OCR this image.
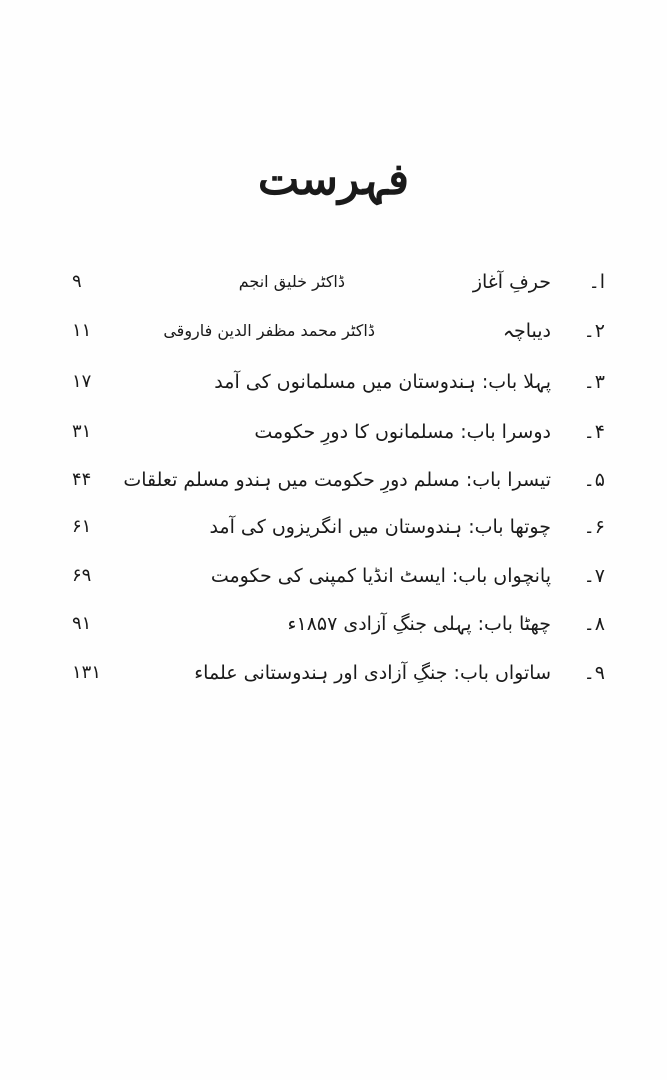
فہرست
ا۔
حرفِ آغاز
ڈاکٹر خلیق انجم
۹
۲۔
دیباچہ
ڈاکٹر محمد مظفر الدین فاروقی
۱۱
۳۔
پہلا باب: ہندوستان میں مسلمانوں کی آمد
۱۷
۴۔
دوسرا باب: مسلمانوں کا دورِ حکومت
۳۱
۵۔
تیسرا باب: مسلم دورِ حکومت میں ہندو مسلم تعلقات
۴۴
۶۔
چوتھا باب: ہندوستان میں انگریزوں کی آمد
۶۱
۷۔
پانچواں باب: ایسٹ انڈیا کمپنی کی حکومت
۶۹
۸۔
چھٹا باب: پہلی جنگِ آزادی ۱۸۵۷ء
۹۱
۹۔
ساتواں باب: جنگِ آزادی اور ہندوستانی علماء
۱۳۱
